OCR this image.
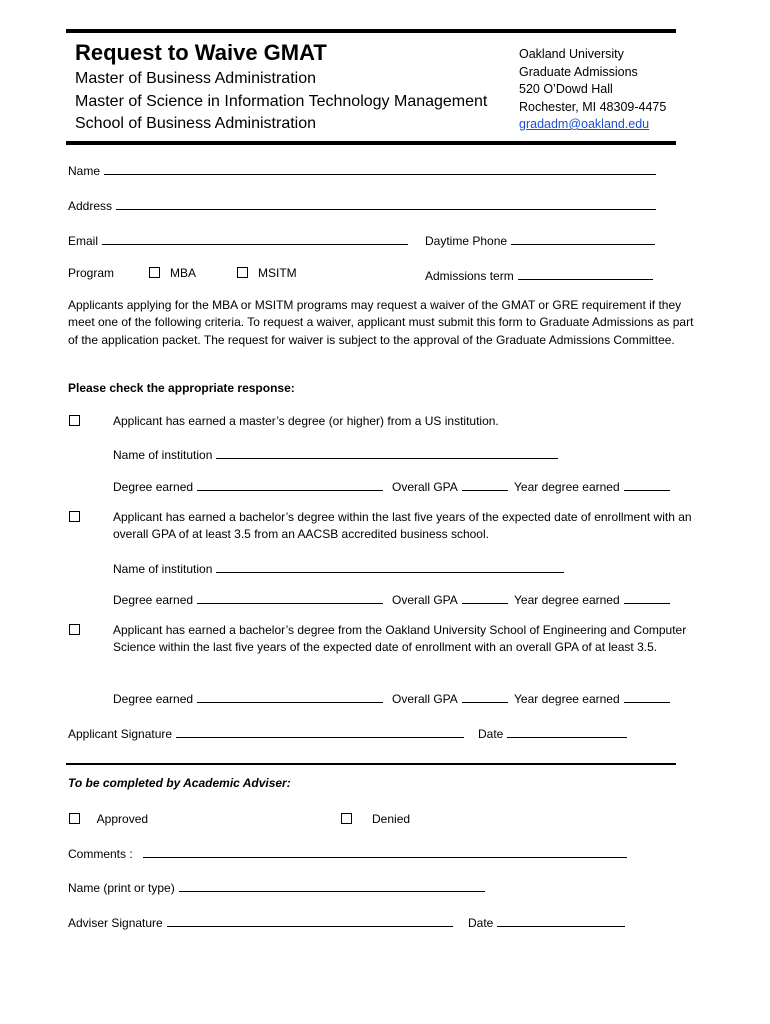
Request to Waive GMAT
Master of Business Administration
Master of Science in Information Technology Management
School of Business Administration
Oakland University
Graduate Admissions
520 O’Dowd Hall
Rochester, MI 48309-4475
gradadm@oakland.edu
Name
Address
Email	Daytime Phone
Program	MBA	MSITM	Admissions term
Applicants applying for the MBA or MSITM programs may request a waiver of the GMAT or GRE requirement if they meet one of the following criteria. To request a waiver, applicant must submit this form to Graduate Admissions as part of the application packet. The request for waiver is subject to the approval of the Graduate Admissions Committee.
Please check the appropriate response:
Applicant has earned a master’s degree (or higher) from a US institution.
Name of institution
Degree earned	Overall GPA	Year degree earned
Applicant has earned a bachelor’s degree within the last five years of the expected date of enrollment with an overall GPA of at least 3.5 from an AACSB accredited business school.
Name of institution
Degree earned	Overall GPA	Year degree earned
Applicant has earned a bachelor’s degree from the Oakland University School of Engineering and Computer Science within the last five years of the expected date of enrollment with an overall GPA of at least 3.5.
Degree earned	Overall GPA	Year degree earned
Applicant Signature	Date
To be completed by Academic Adviser:
Approved	Denied
Comments :
Name (print or type)
Adviser Signature	Date
